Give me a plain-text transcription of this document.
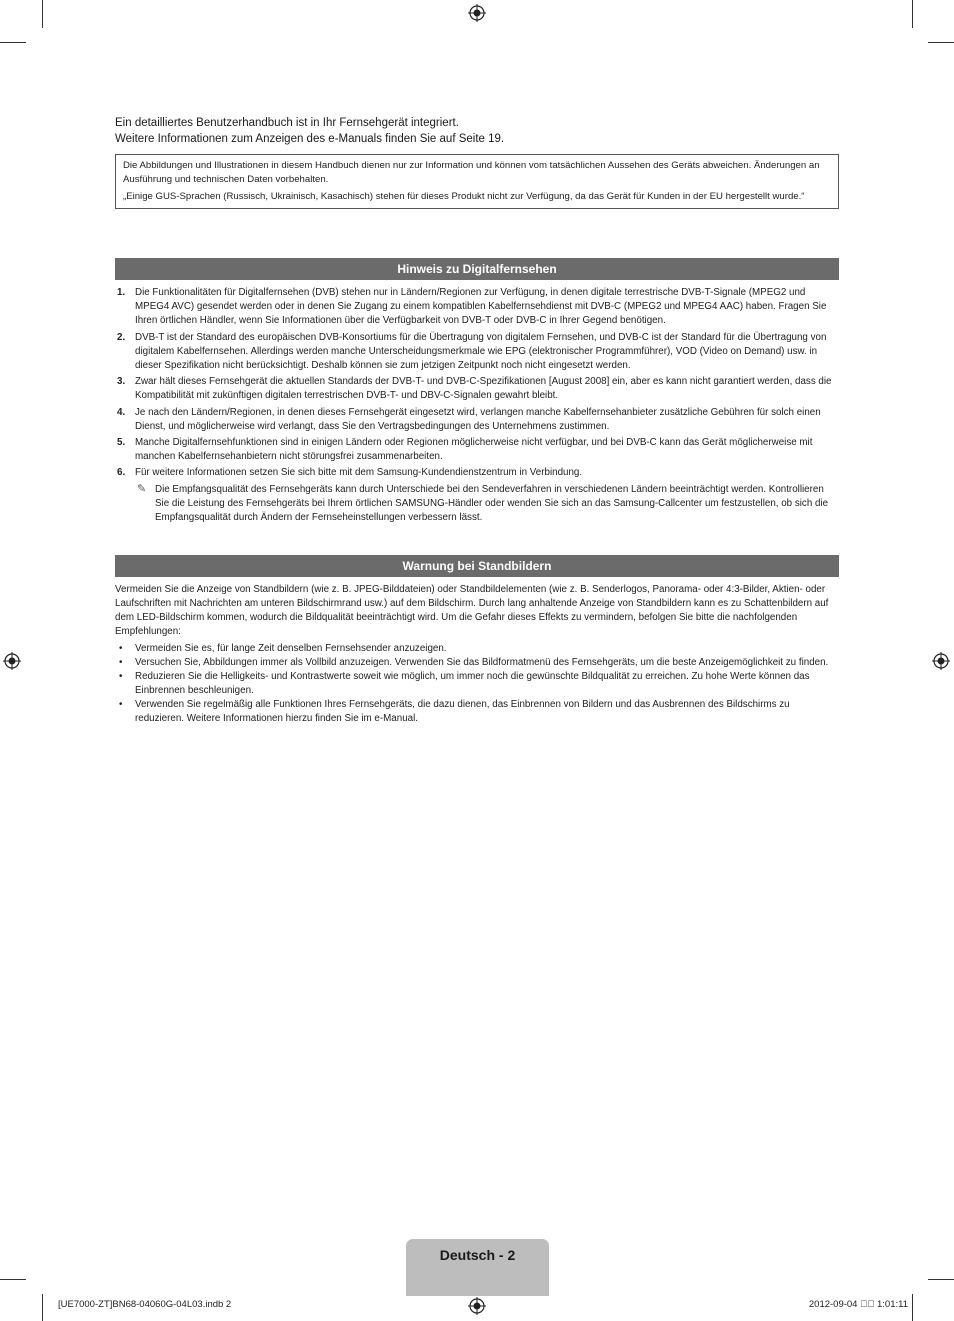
Ein detailliertes Benutzerhandbuch ist in Ihr Fernsehgerät integriert.

Weitere Informationen zum Anzeigen des e-Manuals finden Sie auf Seite 19.

Die Abbildungen und Illustrationen in diesem Handbuch dienen nur zur Information und können vom tatsächlichen Aussehen des Geräts abweichen. Änderungen an Ausführung und technischen Daten vorbehalten.

„Einige GUS-Sprachen (Russisch, Ukrainisch, Kasachisch) stehen für dieses Produkt nicht zur Verfügung, da das Gerät für Kunden in der EU hergestellt wurde.“

Hinweis zu Digitalfernsehen
1. Die Funktionalitäten für Digitalfernsehen (DVB) stehen nur in Ländern/Regionen zur Verfügung, in denen digitale terrestrische DVB-T-Signale (MPEG2 und MPEG4 AVC) gesendet werden oder in denen Sie Zugang zu einem kompatiblen Kabelfernsehdienst mit DVB-C (MPEG2 und MPEG4 AAC) haben. Fragen Sie Ihren örtlichen Händler, wenn Sie Informationen über die Verfügbarkeit von DVB-T oder DVB-C in Ihrer Gegend benötigen.
2. DVB-T ist der Standard des europäischen DVB-Konsortiums für die Übertragung von digitalem Fernsehen, und DVB-C ist der Standard für die Übertragung von digitalem Kabelfernsehen. Allerdings werden manche Unterscheidungsmerkmale wie EPG (elektronischer Programmführer), VOD (Video on Demand) usw. in dieser Spezifikation nicht berücksichtigt. Deshalb können sie zum jetzigen Zeitpunkt noch nicht eingesetzt werden.
3. Zwar hält dieses Fernsehgerät die aktuellen Standards der DVB-T- und DVB-C-Spezifikationen [August 2008] ein, aber es kann nicht garantiert werden, dass die Kompatibilität mit zukünftigen digitalen terrestrischen DVB-T- und DBV-C-Signalen gewahrt bleibt.
4. Je nach den Ländern/Regionen, in denen dieses Fernsehgerät eingesetzt wird, verlangen manche Kabelfernsehanbieter zusätzliche Gebühren für solch einen Dienst, und möglicherweise wird verlangt, dass Sie den Vertragsbedingungen des Unternehmens zustimmen.
5. Manche Digitalfernsehfunktionen sind in einigen Ländern oder Regionen möglicherweise nicht verfügbar, und bei DVB-C kann das Gerät möglicherweise mit manchen Kabelfernsehanbietern nicht störungsfrei zusammenarbeiten.
6. Für weitere Informationen setzen Sie sich bitte mit dem Samsung-Kundendienstzentrum in Verbindung.
✎ Die Empfangsqualität des Fernsehgeräts kann durch Unterschiede bei den Sendeverfahren in verschiedenen Ländern beeinträchtigt werden. Kontrollieren Sie die Leistung des Fernsehgeräts bei Ihrem örtlichen SAMSUNG-Händler oder wenden Sie sich an das Samsung-Callcenter um festzustellen, ob sich die Empfangsqualität durch Ändern der Fernseheinstellungen verbessern lässt.
Warnung bei Standbildern
Vermeiden Sie die Anzeige von Standbildern (wie z. B. JPEG-Bilddateien) oder Standbildelementen (wie z. B. Senderlogos, Panorama- oder 4:3-Bilder, Aktien- oder Laufschriften mit Nachrichten am unteren Bildschirmrand usw.) auf dem Bildschirm. Durch lang anhaltende Anzeige von Standbildern kann es zu Schattenbildern auf dem LED-Bildschirm kommen, wodurch die Bildqualität beeinträchtigt wird. Um die Gefahr dieses Effekts zu vermindern, befolgen Sie bitte die nachfolgenden Empfehlungen:
• Vermeiden Sie es, für lange Zeit denselben Fernsehsender anzuzeigen.
• Versuchen Sie, Abbildungen immer als Vollbild anzuzeigen. Verwenden Sie das Bildformatmenü des Fernsehgeräts, um die beste Anzeigemöglichkeit zu finden.
• Reduzieren Sie die Helligkeits- und Kontrastwerte soweit wie möglich, um immer noch die gewünschte Bildqualität zu erreichen. Zu hohe Werte können das Einbrennen beschleunigen.
• Verwenden Sie regelmäßig alle Funktionen Ihres Fernsehgeräts, die dazu dienen, das Einbrennen von Bildern und das Ausbrennen des Bildschirms zu reduzieren. Weitere Informationen hierzu finden Sie im e-Manual.
Deutsch - 2
[UE7000-ZT]BN68-04060G-04L03.indb 2	2012-09-04 ￿￿ 1:01:11
